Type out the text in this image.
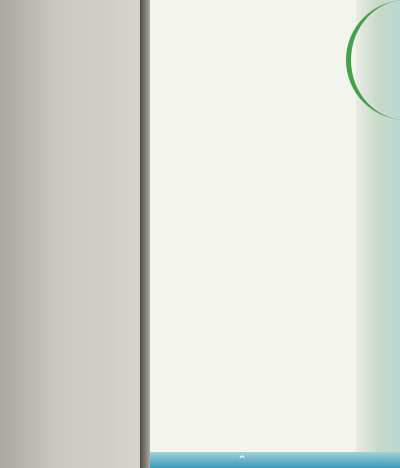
⌃
